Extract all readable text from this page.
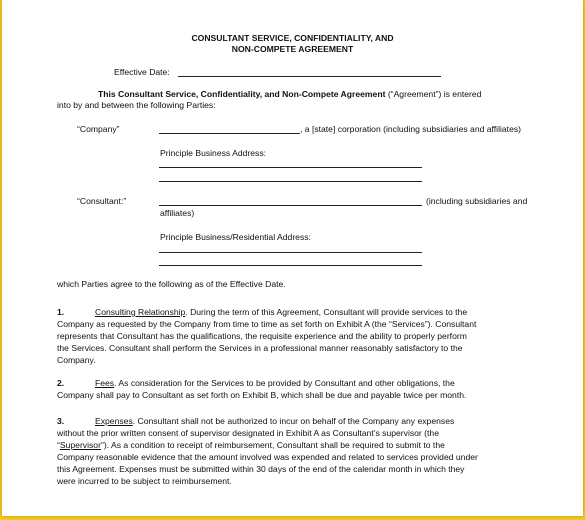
CONSULTANT SERVICE, CONFIDENTIALITY, AND
NON-COMPETE AGREEMENT
Effective Date:
This Consultant Service, Confidentiality, and Non-Compete Agreement (“Agreement”) is entered
into by and between the following Parties:
“Company”	, a [state] corporation (including subsidiaries and affiliates)
Principle Business Address:
“Consultant:”	(including subsidiaries and
affiliates)
Principle Business/Residential Address:
which Parties agree to the following as of the Effective Date.
1.	Consulting Relationship. During the term of this Agreement, Consultant will provide services to the
Company as requested by the Company from time to time as set forth on Exhibit A (the “Services”). Consultant
represents that Consultant has the qualifications, the requisite experience and the ability to properly perform
the Services. Consultant shall perform the Services in a professional manner reasonably satisfactory to the
Company.
2.	Fees. As consideration for the Services to be provided by Consultant and other obligations, the
Company shall pay to Consultant as set forth on Exhibit B, which shall be due and payable twice per month.
3.	Expenses. Consultant shall not be authorized to incur on behalf of the Company any expenses
without the prior written consent of supervisor designated in Exhibit A as Consultant’s supervisor (the
“Supervisor”). As a condition to receipt of reimbursement, Consultant shall be required to submit to the
Company reasonable evidence that the amount involved was expended and related to services provided under
this Agreement. Expenses must be submitted within 30 days of the end of the calendar month in which they
were incurred to be subject to reimbursement.
